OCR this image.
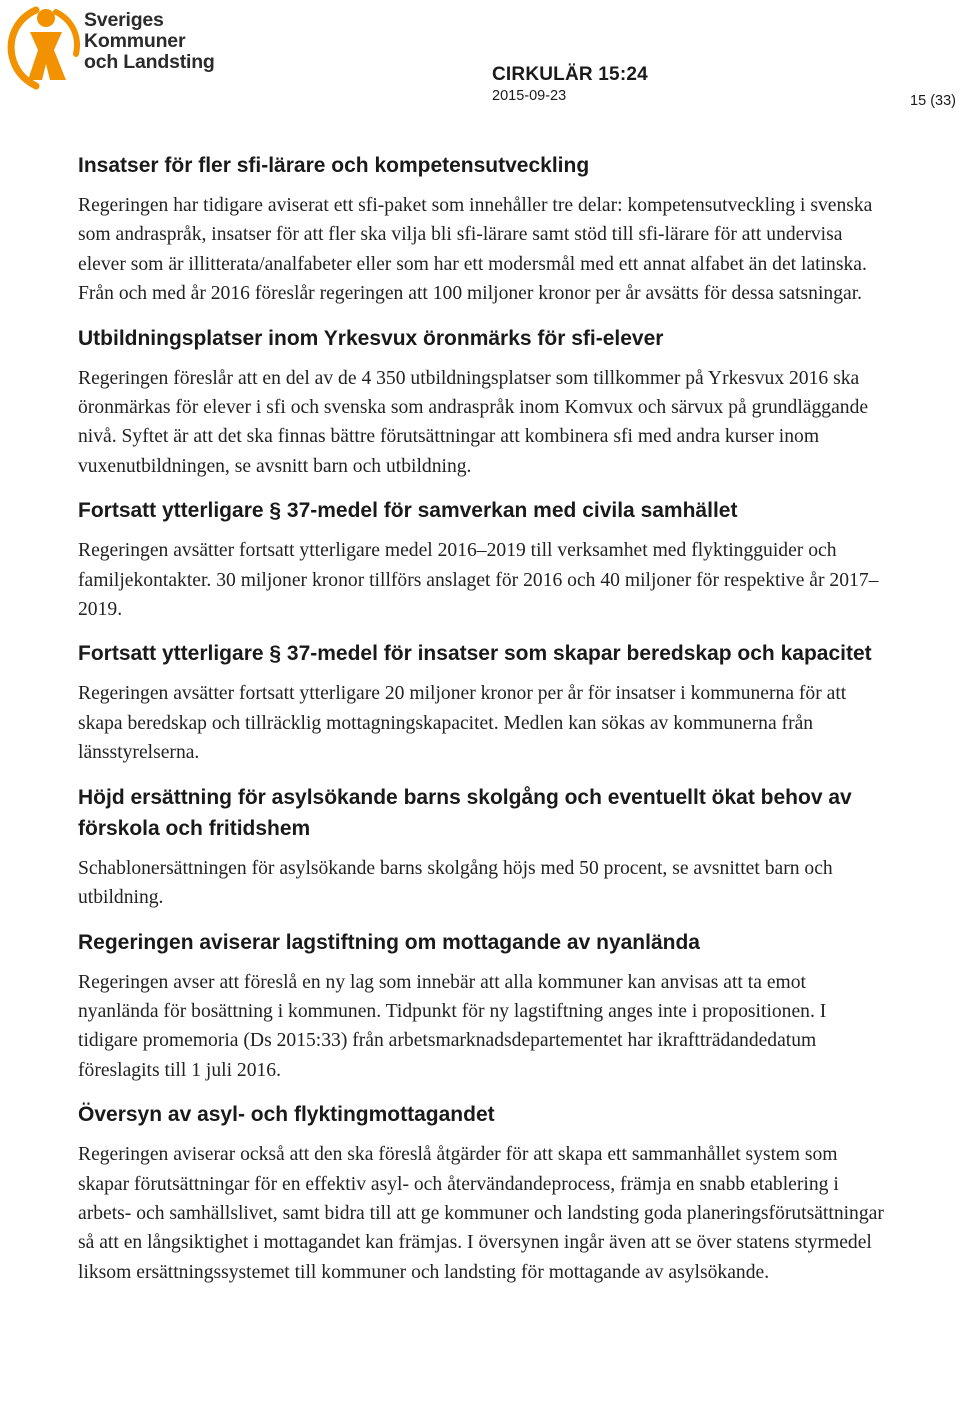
Sveriges
Kommuner
och Landsting
CIRKULÄR 15:24
2015-09-23	15 (33)
Insatser för fler sfi-lärare och kompetensutveckling

Regeringen har tidigare aviserat ett sfi-paket som innehåller tre delar: kompetensutveckling i svenska som andraspråk, insatser för att fler ska vilja bli sfi-lärare samt stöd till sfi-lärare för att undervisa elever som är illitterata/analfabeter eller som har ett modersmål med ett annat alfabet än det latinska. Från och med år 2016 föreslår regeringen att 100 miljoner kronor per år avsätts för dessa satsningar.

Utbildningsplatser inom Yrkesvux öronmärks för sfi-elever

Regeringen föreslår att en del av de 4 350 utbildningsplatser som tillkommer på Yrkesvux 2016 ska öronmärkas för elever i sfi och svenska som andraspråk inom Komvux och särvux på grundläggande nivå. Syftet är att det ska finnas bättre förutsättningar att kombinera sfi med andra kurser inom vuxenutbildningen, se avsnitt barn och utbildning.

Fortsatt ytterligare § 37-medel för samverkan med civila samhället

Regeringen avsätter fortsatt ytterligare medel 2016–2019 till verksamhet med flyktingguider och familjekontakter. 30 miljoner kronor tillförs anslaget för 2016 och 40 miljoner för respektive år 2017–2019.

Fortsatt ytterligare § 37-medel för insatser som skapar beredskap och kapacitet

Regeringen avsätter fortsatt ytterligare 20 miljoner kronor per år för insatser i kommunerna för att skapa beredskap och tillräcklig mottagningskapacitet. Medlen kan sökas av kommunerna från länsstyrelserna.

Höjd ersättning för asylsökande barns skolgång och eventuellt ökat behov av förskola och fritidshem

Schablonersättningen för asylsökande barns skolgång höjs med 50 procent, se avsnittet barn och utbildning.

Regeringen aviserar lagstiftning om mottagande av nyanlända

Regeringen avser att föreslå en ny lag som innebär att alla kommuner kan anvisas att ta emot nyanlända för bosättning i kommunen. Tidpunkt för ny lagstiftning anges inte i propositionen. I tidigare promemoria (Ds 2015:33) från arbetsmarknadsdepartementet har ikraftträdandedatum föreslagits till 1 juli 2016.

Översyn av asyl- och flyktingmottagandet

Regeringen aviserar också att den ska föreslå åtgärder för att skapa ett sammanhållet system som skapar förutsättningar för en effektiv asyl- och återvändandeprocess, främja en snabb etablering i arbets- och samhällslivet, samt bidra till att ge kommuner och landsting goda planeringsförutsättningar så att en långsiktighet i mottagandet kan främjas. I översynen ingår även att se över statens styrmedel liksom ersättningssystemet till kommuner och landsting för mottagande av asylsökande.
